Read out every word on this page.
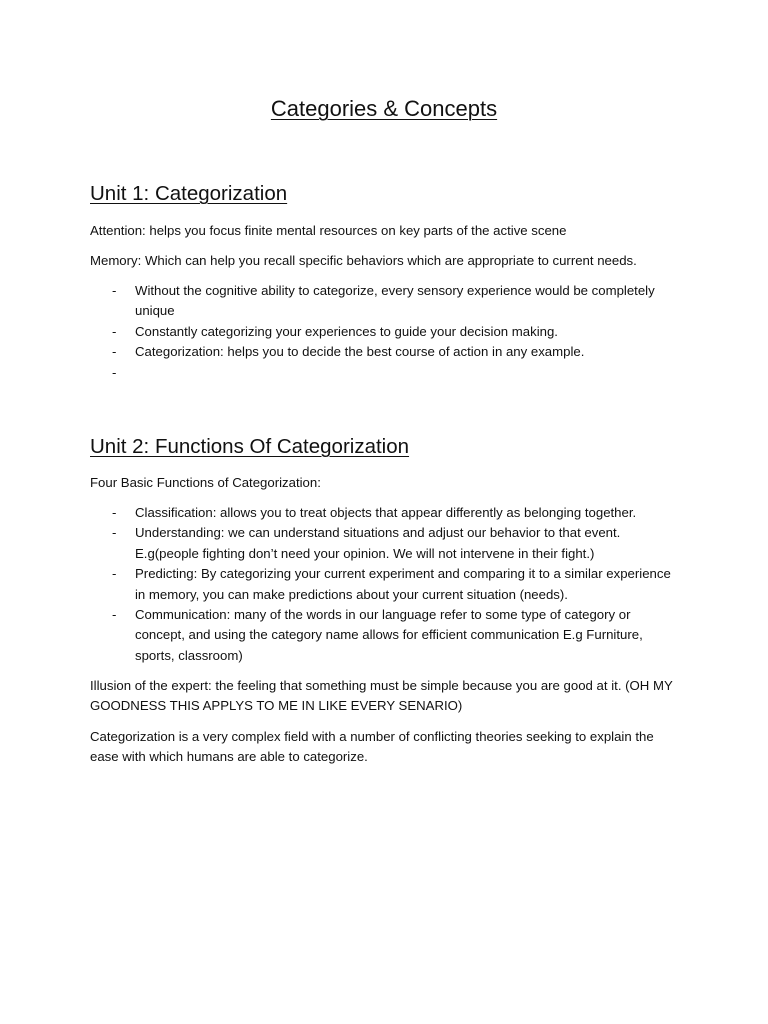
Categories & Concepts
Unit 1: Categorization

Attention: helps you focus finite mental resources on key parts of the active scene

Memory: Which can help you recall specific behaviors which are appropriate to current needs.

- Without the cognitive ability to categorize, every sensory experience would be completely unique
- Constantly categorizing your experiences to guide your decision making.
- Categorization: helps you to decide the best course of action in any example.
-
Unit 2: Functions Of Categorization

Four Basic Functions of Categorization:

- Classification: allows you to treat objects that appear differently as belonging together.
- Understanding: we can understand situations and adjust our behavior to that event. E.g(people fighting don’t need your opinion. We will not intervene in their fight.)
- Predicting: By categorizing your current experiment and comparing it to a similar experience in memory, you can make predictions about your current situation (needs).
- Communication: many of the words in our language refer to some type of category or concept, and using the category name allows for efficient communication E.g Furniture, sports, classroom)

Illusion of the expert: the feeling that something must be simple because you are good at it. (OH MY GOODNESS THIS APPLYS TO ME IN LIKE EVERY SENARIO)

Categorization is a very complex field with a number of conflicting theories seeking to explain the ease with which humans are able to categorize.
